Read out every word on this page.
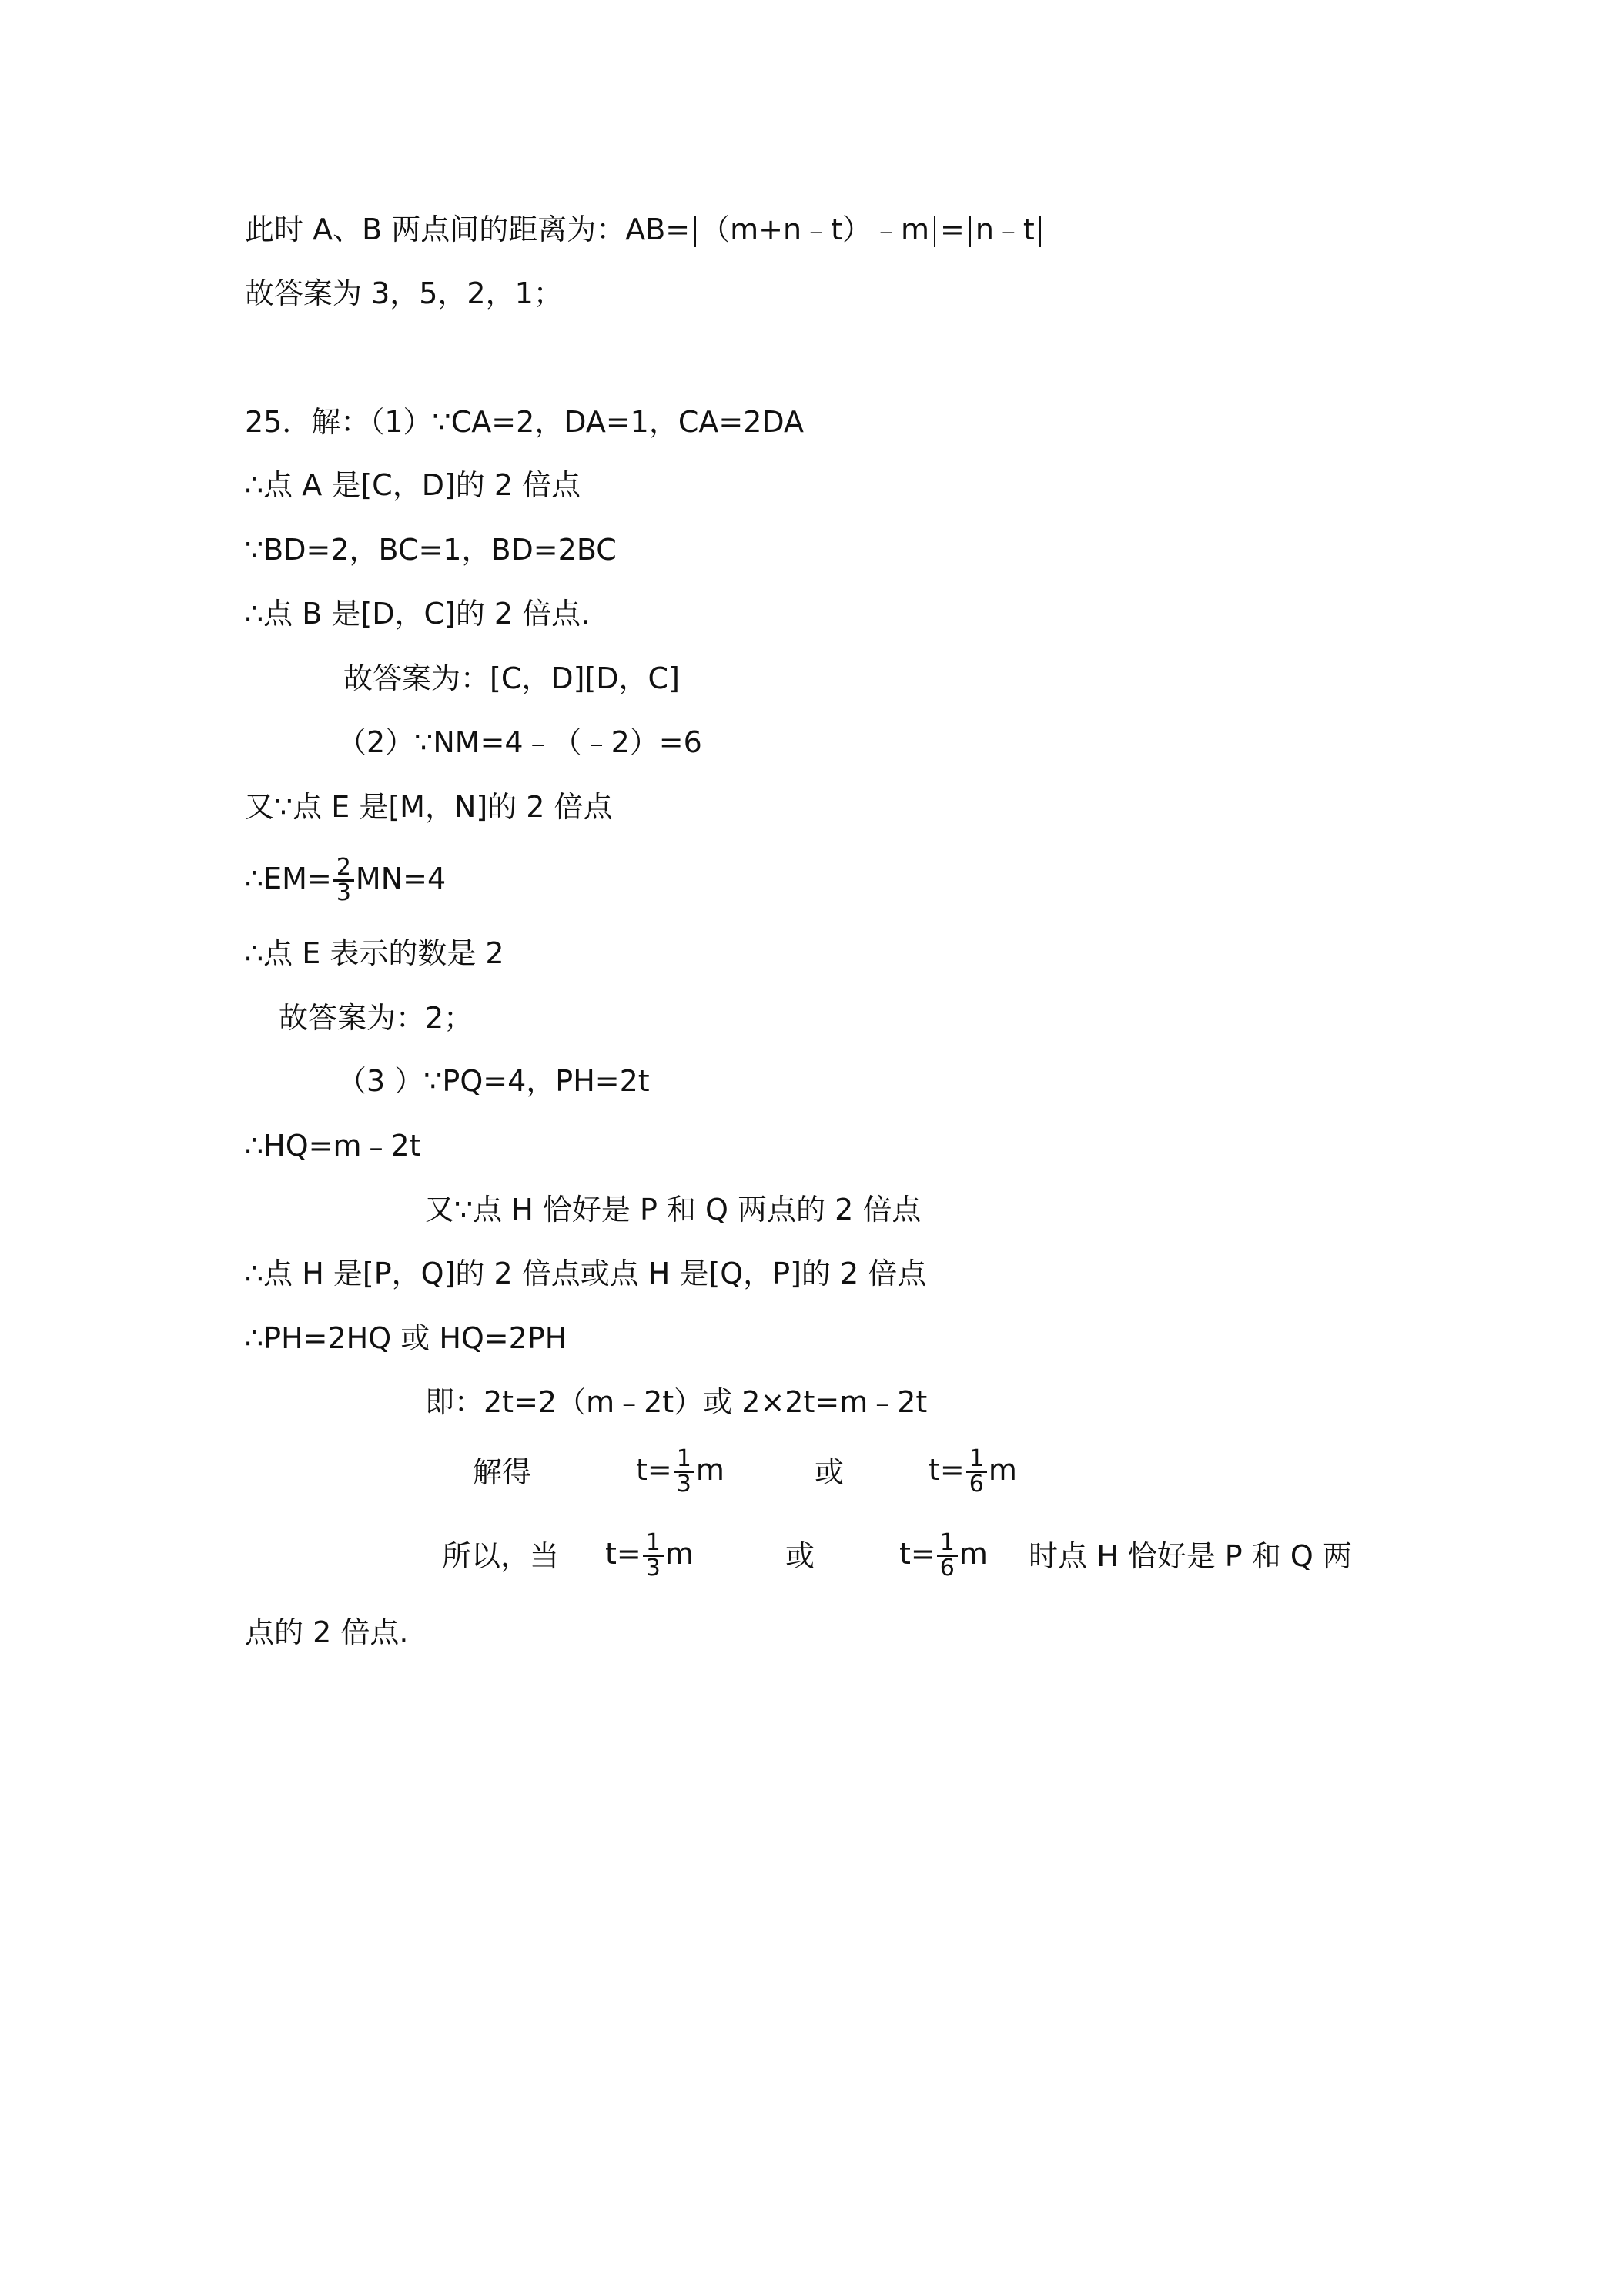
此时 A、B 两点间的距离为：AB= （m+n﹣t）﹣m = n﹣t
故答案为 3，5，2，1；
25．解：（1）∵CA=2，DA=1，CA=2DA
∴点 A 是[C，D]的 2 倍点
∵BD=2，BC=1，BD=2BC
∴点 B 是[D，C]的 2 倍点.
故答案为：[C，D][D，C]
（2）∵NM=4﹣（﹣2）=6
又∵点 E 是[M，N]的 2 倍点
∴EM= $\frac{2}{3} MN=4$
∴点 E 表示的数是 2
故答案为：2；
（3 ）∵PQ=4，PH=2t
∴HQ=m﹣2t
又∵点 H 恰好是 P 和 Q 两点的 2 倍点
∴点 H 是[P，Q]的 2 倍点或点 H 是[Q，P]的 2 倍点
∴PH=2HQ 或 HQ=2PH
即：2t=2（m﹣2t）或 2×2t=m﹣2t
解得	$t= \frac{1}{3}$ m	或	$t= \frac{1}{6}$ m
所以，当 $t= \frac{1}{3}$ m	或	$t= \frac{1}{6}$ m 时点 H 恰好是 P 和 Q 两
点的 2 倍点.
